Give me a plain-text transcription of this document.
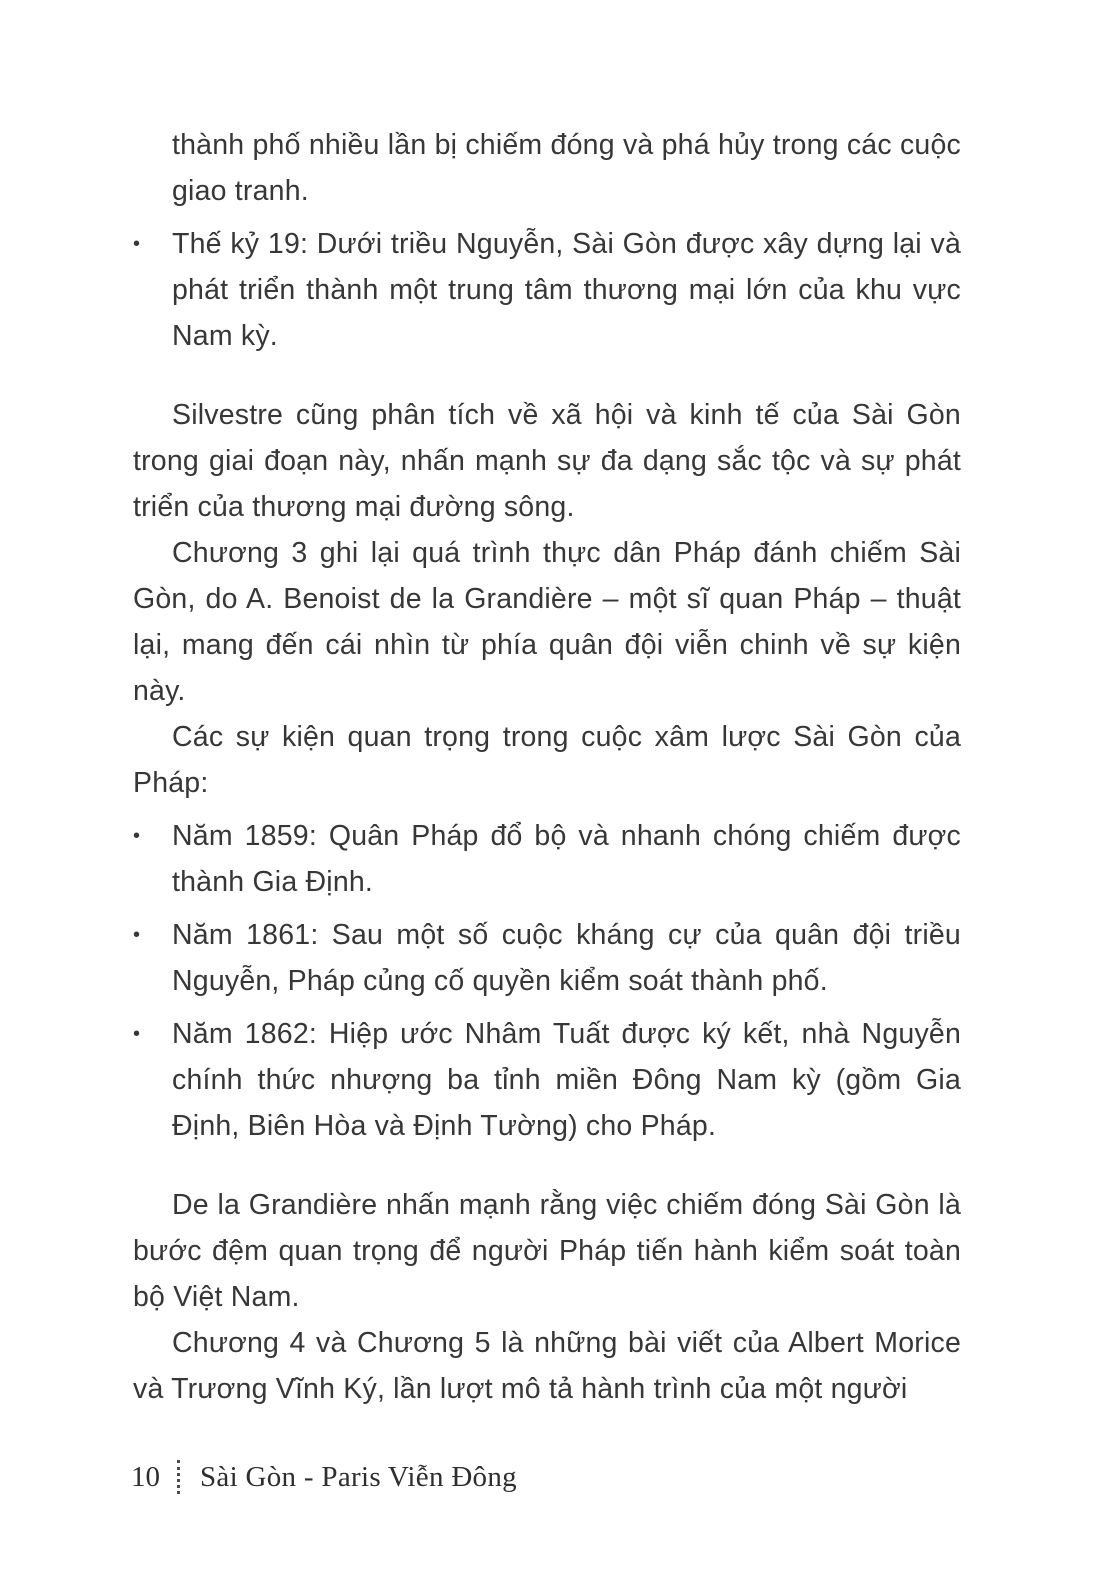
thành phố nhiều lần bị chiếm đóng và phá hủy trong các cuộc giao tranh.
•	Thế kỷ 19: Dưới triều Nguyễn, Sài Gòn được xây dựng lại và phát triển thành một trung tâm thương mại lớn của khu vực Nam kỳ.

Silvestre cũng phân tích về xã hội và kinh tế của Sài Gòn trong giai đoạn này, nhấn mạnh sự đa dạng sắc tộc và sự phát triển của thương mại đường sông.

Chương 3 ghi lại quá trình thực dân Pháp đánh chiếm Sài Gòn, do A. Benoist de la Grandière – một sĩ quan Pháp – thuật lại, mang đến cái nhìn từ phía quân đội viễn chinh về sự kiện này.

Các sự kiện quan trọng trong cuộc xâm lược Sài Gòn của Pháp:

•	Năm 1859: Quân Pháp đổ bộ và nhanh chóng chiếm được thành Gia Định.
•	Năm 1861: Sau một số cuộc kháng cự của quân đội triều Nguyễn, Pháp củng cố quyền kiểm soát thành phố.
•	Năm 1862: Hiệp ước Nhâm Tuất được ký kết, nhà Nguyễn chính thức nhượng ba tỉnh miền Đông Nam kỳ (gồm Gia Định, Biên Hòa và Định Tường) cho Pháp.

De la Grandière nhấn mạnh rằng việc chiếm đóng Sài Gòn là bước đệm quan trọng để người Pháp tiến hành kiểm soát toàn bộ Việt Nam.

Chương 4 và Chương 5 là những bài viết của Albert Morice và Trương Vĩnh Ký, lần lượt mô tả hành trình của một người

10 Sài Gòn - Paris Viễn Đông
